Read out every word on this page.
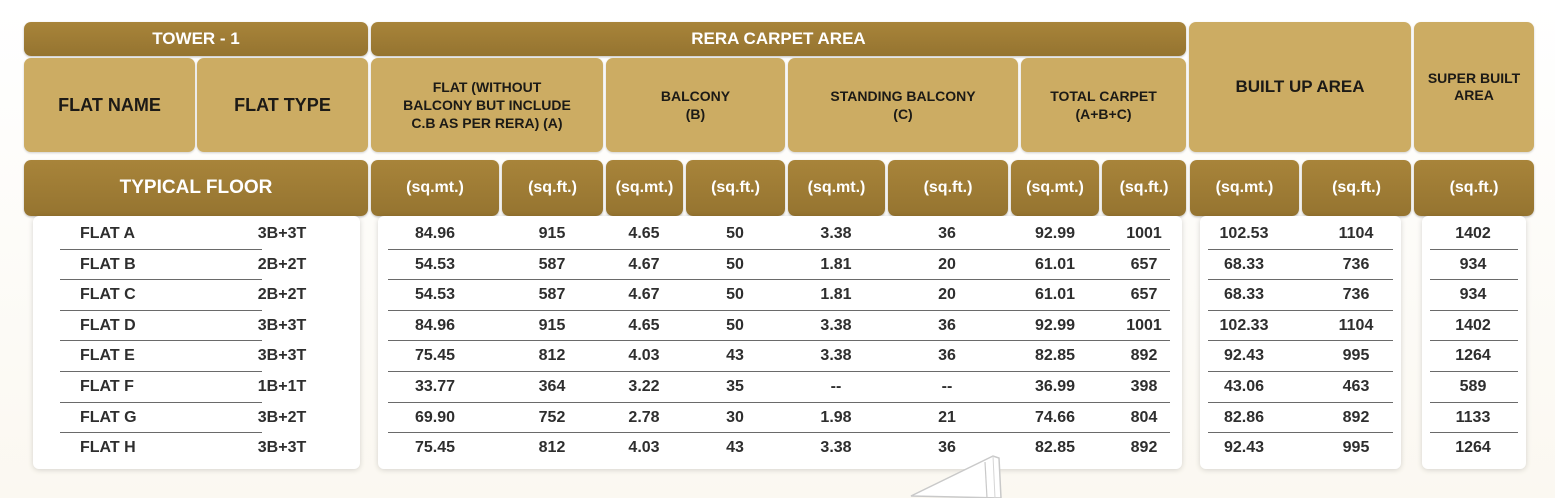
TOWER - 1	RERA CARPET AREA
BUILT UP AREA	SUPER BUILT
AREA
FLAT NAME	FLAT TYPE
FLAT (WITHOUT
BALCONY BUT INCLUDE
C.B AS PER RERA) (A)
BALCONY
(B)
STANDING BALCONY
(C)
TOTAL CARPET
(A+B+C)
TYPICAL FLOOR	(sq.mt.)	(sq.ft.)	(sq.mt.)	(sq.ft.)	(sq.mt.)	(sq.ft.)	(sq.mt.)	(sq.ft.)	(sq.mt.)	(sq.ft.)	(sq.ft.)
FLAT A	3B+3T	84.96	915	4.65	50	3.38	36	92.99	1001	102.53	1104	1402
FLAT B	2B+2T	54.53	587	4.67	50	1.81	20	61.01	657	68.33	736	934
FLAT C	2B+2T	54.53	587	4.67	50	1.81	20	61.01	657	68.33	736	934
FLAT D	3B+3T	84.96	915	4.65	50	3.38	36	92.99	1001	102.33	1104	1402
FLAT E	3B+3T	75.45	812	4.03	43	3.38	36	82.85	892	92.43	995	1264
FLAT F	1B+1T	33.77	364	3.22	35	--	--	36.99	398	43.06	463	589
FLAT G	3B+2T	69.90	752	2.78	30	1.98	21	74.66	804	82.86	892	1133
FLAT H	3B+3T	75.45	812	4.03	43	3.38	36	82.85	892	92.43	995	1264
